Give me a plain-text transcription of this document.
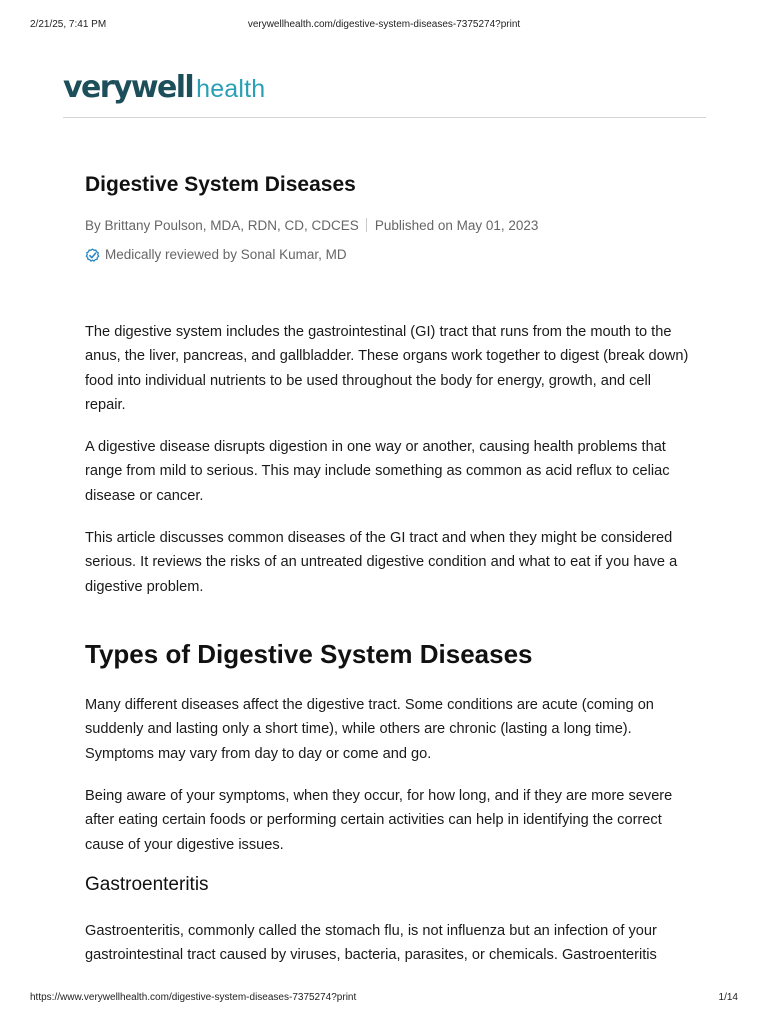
2/21/25, 7:41 PM	verywellhealth.com/digestive-system-diseases-7375274?print
verywell health
Digestive System Diseases
By Brittany Poulson, MDA, RDN, CD, CDCES Published on May 01, 2023
Medically reviewed by Sonal Kumar, MD

The digestive system includes the gastrointestinal (GI) tract that runs from the mouth to the anus, the liver, pancreas, and gallbladder. These organs work together to digest (break down) food into individual nutrients to be used throughout the body for energy, growth, and cell repair.

A digestive disease disrupts digestion in one way or another, causing health problems that range from mild to serious. This may include something as common as acid reflux to celiac disease or cancer.

This article discusses common diseases of the GI tract and when they might be considered serious. It reviews the risks of an untreated digestive condition and what to eat if you have a digestive problem.

Types of Digestive System Diseases

Many different diseases affect the digestive tract. Some conditions are acute (coming on suddenly and lasting only a short time), while others are chronic (lasting a long time). Symptoms may vary from day to day or come and go.

Being aware of your symptoms, when they occur, for how long, and if they are more severe after eating certain foods or performing certain activities can help in identifying the correct cause of your digestive issues.

Gastroenteritis

Gastroenteritis, commonly called the stomach flu, is not influenza but an infection of your gastrointestinal tract caused by viruses, bacteria, parasites, or chemicals. Gastroenteritis

https://www.verywellhealth.com/digestive-system-diseases-7375274?print	1/14
